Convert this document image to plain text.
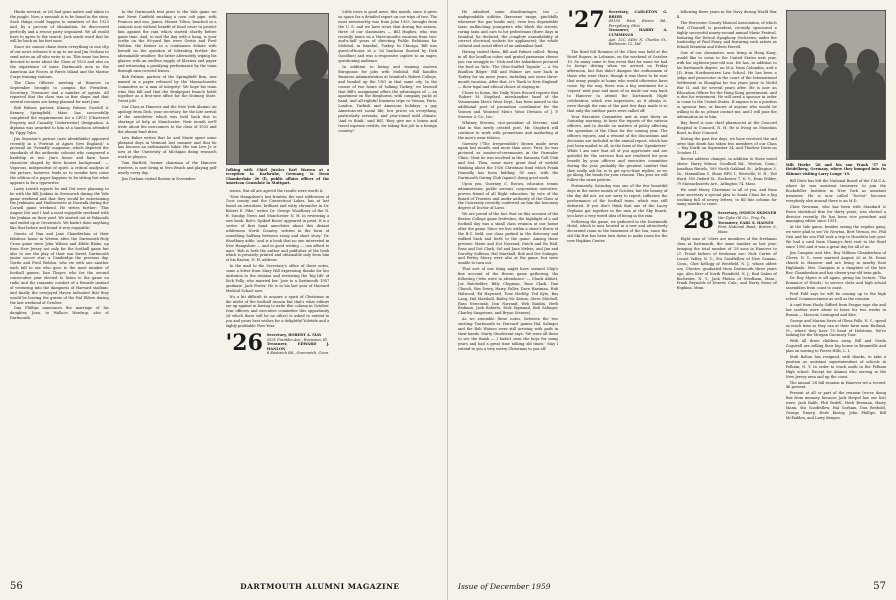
Hindu servant; or (d) had gone native and taken to the jungle. Now, a messiah is to be found in the story. Such things could happen to members of the 1925 and, by a process of elimination, be discovered perfectly and a rescue party organized. We all would have to agree to the search. Jack sends word that he will be back on his feet soon.

Since we cannot chase down everything in one clip of our news releases it is up to me and Jim Gorham to send notes on all who write to us. This issue has been devoted to news about the Class of 1925 and also on the experience of some Dartmouth men in the American Air Forces at Parris Island and the Marine Corps training stations.

The Class Officers' meeting at Hanover in September brought to campus the President, Secretary, Treasurer and a number of agents. All reported that the class was in fine shape and that several reunions are being planned for next June.

Bob Palmer, partner, Kinney, Palmer, Goodell & Kenney, Springfield, Mass. has successfully completed the requirements for a CPCU (Chartered Property and Casualty Underwriter) designation. A diploma was awarded to him at a luncheon attended by Tippy Tyler.

Jim Seymour's picture (now identifiable) appeared recently in a 'Portrait of Agnes New England,' a pictorial on 'Friendly' magazine, which depicted the standards of the authentic colonist who conquered a hardship or two. Jim's house and barn 'have character shaped by their honest background.' — Vigorous, independent of spirit. A critical analysis of the picture, however, leads us to wonder how come the edition of a paper happens to be sitting but what appears to be a typewriter.

Larry Leavitt reports he and Dot were planning to be with the Bill Jenkins in Greenwich during the Yale game weekend and that they would be entertaining the Jenkinses and Hatheewites at Norwalk during the Cornell game weekend. He writes further: 'This August Dot and I had a most enjoyable weekend with the Jenkins on their yawl. We started out at Falmouth and ended up at Greenwich. We hadn't done anything like that before and found it very enjoyable.'

Guests of Nan and Jane Chamberlain at their fabulous home in Weston after the Dartmouth-Holy Cross game were John Wilson and Eddie Blake, up from New Jersey not only for the football game but also to see the play of their son David, Dartmouth junior soccer star; a Cambridge the previous day. Gertie and Fred Weldon, who vie with one another each fall to see who goes to the most number of football games; Dan Thayer, who for the second consecutive year elected to listen to the game on radio and the romantic comfort of a fireside instead of venturing into the dampness of Harvard stadium; and finally the overjoyed Haven indicated that they would be leaving the guests of the Hal Elders during the last weekend of October.

Dan Phillips announces the marriage of his daughter, Joan, to Wallace Wardrop, also of Dartmouth.

In the Dartmouth tent prior to the Yale game we met Newt Canfield smoking a corn cob pipe, with Frances and son, James. Homer Tilton, beached in a raincoat now without benefit of head cover to protect him against the rain which started shortly before game time. And, to end the day with a bang, is your scribe on the 89-yard line were Gertie and Fred Weldon, the former in a continuous debate with herself on the question of tolerating further the abominable weather; the latter alternately wiping his glasses with an endless supply of Kleenex and paper and witnessing a gratifying performance by the team through rain-covered lenses.

Bob Palmer, partner of the Springfield firm, was named in a paper released by the Massachusetts Committee as 'a man of integrity.' We hope his team wins this fall and that the Bridgeport branch holds together as a first-rate office for the Nutmeg State. Great job!

Our Class in Hanover and the New York Alumni: an apology from Dick, your secretary, for the late arrival of the newsletter which was held back due to shortage of help at Manchester. Next month we'll write about the newcomers to the class of 1925 and the alumni fund drive.

Lew Baker writes that he and Marie spent some pleasant days in Vermont last summer and that he has become an enthusiastic hiker. His son Lew Jr. is now at the University of Michigan doing research work in physics.

Tom Bartlett, former chairman of the Hanover trustees, is now living in Vero Beach and playing golf nearly every day.

Jim Gorham visited Boston in November.

Talking with Chief Justice Earl Warren at a reception in Karlsruhe, Germany, is Dean Chamberlain '26 (l), public affairs officer of the American Consulate in Stuttgart.

issues. But all are agreed the results were worth it.

'New Hampshire's last frontier, the vast wilderness of Coos county and the Connecticut Lakes, has at last found an articulate, brilliant and witty chronicler in Dr. Robert E. Pike,' writes Dr. George Woodbury of the N. H. Sunday News and Manchester N. H. in reviewing a new book. Bob's 'Spiked Boots' appeared in print. It is a 'series of first hand anecdotes about this distant wilderness North Country, written in the form of something halfway between essay and short story.' Dr. Woodbury adds: 'and is a book that no one interested in New Hampshire — and in good writing — can afford to miss.' Bob is both the author and publisher of the book which is privately printed and obtainable only from him at his Easton, N. H. address.

In the mail to the Secretary's office of these notes, came a letter from Mary Hill expressing thanks for her invitation to the reunion and reviewing the 'big life' of Dick Polly, who married her. Jose to a Dartmouth 1957 graduate. Jack Foster. He is in his last year of Harvard Medical School now.

It's a bit difficult to acquire a spirit of Christmas in the midst of the football season but that's what editors are up against in having to write this column in October. Your officers and executive committee this opportunity (of which there will be no other) is asked to extend to you and yours best wishes for a delightful Yuletide and a highly profitable New Year.

'26 Secretary, ROBERT A. MAY
5501 Franklin Ave., Evanston, Ill.
Treasurer, EDWARD J. HANLON
8 Eastwich Rd., Greenwich, Conn.

Little news is good news, this month, since it gives us space for a detailed report on our trips of two. The most newsworthy was from John 1925, brought from the U. S. and we have news that during the season, three of our classmates — Bill Hughes, who was recently home on a three-months vacation from two-and-a-half years of directing Public Relations for Mobiloil, in Istanbul, Turkey. In Chicago, Bill was guest-of-honor at a '26 luncheon (hosted by Dick Goodhue) and was a responsive captive to an eager, questioning audience.

In addition to hiring and training eastern Europeans for jobs with Mobiloil, Bill handles Business Administration at Istanbul's Robert College, and headed up the USO in that same city. In the course of two hours of 'talking Turkey,' we learned that Bill's assignment offers the advantages of — an apartment on the Bosphorus, with company yacht at hand, and all-rightful business trips to Vienna, Paris, London, Turkish and American holidays; a gay American-set social life; low prices on everything, particularly servants; and year-round mild climate. 'And to think,' said Bill, 'they give me a bonus and travel expense credits, for taking this job in a foreign country!'

56	DARTMOUTH ALUMNI MAGAZINE

He admitted some disadvantages, too — undependable utilities (kerosene range, pinchbills whenever the gas bonks out); even less dependable taxis; unflinching youngsters who block the streets; raring taxis and cars to hit pedestrians (three days in Istanbul, he declared, the complete unavailability of correct electrical sockets for appliances); the whole cultural and social effect of an unfamiliar land.

Having visited them, Bill and Palmer called: 'Being in all the bouillon cubes and grated parmesan cheese you can smuggle in.' Dick and the Asbarkinos pictured the food as Yule: 'The Ohio-Stuffed Topside' — a 'No Bouillon Bilger.' Bill and Palmer are now back in Turkey for six more years, including one more three-month vacation. After that, it's 'Back to New England' — their legal and ethical choice of staying in.

Closer to home, the Daily News Record reports that 'Robert M. Stopford, merchandise head of the Vonnamann Men's Wear Dept., has been named to the additional post of promotion coordinator for the Vosnen and Wonsted Men's Wear Division of J. P. Stevens & Co., Inc.'

Whitney Stevens, vice-president of Stevens, said that in this newly created post, Mr. Stopford will continue to work with promotions and marketing of the men's wear fabrics.

Guerney ('The Irrepressible') Brown made news again last month, and more than once. First, he was pictured as master-of-ceremonies in the Parmalee Clinic. Next he was involved in the Sarasota Golf Club and lost. Then, some more great deal of wishful thinking about the 1926 Christmas fund which Frank Donnelly has been bidding. Of ours, with the Dartmouth Outing Club (again!) doing good work.

Upon you, Guerney C. Brown, educator, tennis administrator, public servant, corporation executive, proven friend of all Right education, by vote of the Board of Trustees and under authority of the Class at the University recently conferred on him the honorary degree of Doctor of Laws.

We are proud of the fact that on this account of the Boston College game festivities, the highlight of a sad football day was a small class reunion at our house after the game. Since we live within a stone's throw of the B.C. field, our class parked in the driveway and walked back and forth to the game. Among those present: Marie and Dot Norrand, Dutch and Bo Hall, Russ and Dot Clark, Sol and Jane Melvin, and Jim and Dorothy Sullivan, Hal Marshall, Bob and Dot Salinger, and Perley Merry were also at the game, but were unable to turn out.

That sort of one thing might have seemed Chip's fine account of the Brown game gathering, the following ('who were in attendance' — Chuck Abbott, Joe Batchelder, Billy Chipman, Ross Clark, Dan Church, Bus Drury, Harry Fuller, Dave Hartman, Hub Halwood, Ed Hayward, Tone Herlihy, Ted Kyte, Bus Lang, Hal Marshall, Bailey Mc Kenna, Steve Mitchell, Russ Newcomb, Don Norrand, Web Rankin, Herb Redman, Jack Roberts, Dick Sigmund, Bob Salinger, Charley Snagstone, and Bryan Stearns).

As we assemble these notes, between the two exciting 'Dartmouth vs. Harvard' games Hal, Salinger and the Bob Watson were still arriving with pads in their hands. Marty Sturdevant says: 'We were all there to see the finish — I hadn't seen the boys for many years and had a great time talking old times.' May I extend to you a very merry Christmas to you all!

'27 Secretary, CARLETON G. BRIER
49150 West Rivers Rd., Perrysburg, Ohio
Treasurer, HARRY A. CUMMINGS
Apt. 12C, 6400 N. Charles St., Baltimore 12, Md.

The third fall Reunion of the Class was held at the Hotel Rogers, in Lebanon, on the weekend of October 10. So many came to this event that for some we had to forego driving when we arrived on Friday afternoon, but this didn't dampen the enthusiasm of those who were there, though it was there to be sure that many people at home who would otherwise have come. By the way, there was a big sentiment for a 'repeat' next year and most of us made our way back to Hanover to attend the Dartmouth Night celebration, which was impressive, as it always is, even though the rain of the past few days made it so that only the outdoor parts were called off.

Your Executive Committee met at nine thirty on Saturday morning, to hear the reports of the various officers, and to decide on matters of policy affecting the operation of the Class for the coming year. The officers reports, and a résumé of the discussions and decisions are included in the annual report, which has just been mailed to all, in the form of the 'Speaketeer.' While I am sure that all of you appreciate and are grateful for the services that are rendered for your benefit by your officers and executive committee during the year, probably the greatest comfort that they really ask for, is to get up-to-time replies, as we go along, the heads for your reunion. This year we will follow the same pattern.

Fortunately, Saturday was one of the few beautiful days in the entire month of October, but the beauty of the day did not, we are sorry to report, influence the performance of the football team, which was still defeated. If you don't think that one of the Lacey Orphans got together in the rain at the Sky Ranch, you have a very weird idea of being in the rain.

Following the game, we gathered in the Dartmouth Hotel, which is now located in a new and attractively decorated room in the basement of the Inn, since the old Ski Hut has been torn down to make room for the new Hopkins Center.

following three years in the Navy during World War II.

The Worcester County Musical Association, of which Paul O'Donnell is president, recently sponsored a highly successful ninety-second annual Music Festival, featuring the Detroit Symphony Orchestra, under the leadership of Paul Paray, and featuring such artists as Yehudi Menuhin and Eileen Farrell.

One of our classmates, now living in Hong Kong, would like to come to the United States next year, with his eighteen-year-old son. He has, in addition to his Dartmouth degree, an M.A. from Columbia, and a J.D. from Northwestern Law School. He has been a judge and prosecutor in the court of the International Settlement in Shanghai for ten years prior to World War II, and for several years after. He is now an Education Officer for the Hong Kong government, and is due for retirement. He will need a sponsor in order to come to the United States. If anyone is in a position to sponsor him, or knows of anyone who would be willing to do so, please contact me, and I will pass the information on to him.

Ray Reed is now chief pharmacist at the Concord Hospital in Concord, N. H. He is living on Mountain Road, in East Concord.

During the past few days, we have received the sad news that death has taken two members of our Class — Ray Dorth on September 24, and Thurlow Davis on October 11.

Recent address changes, in addition to those noted above: Harry Mitnor, Goodhall Rd., Weston, Conn.; Jonathan Rintels, 509 North Oakland St., Arlington 3, Va.; Maxmillian C. Shaw, RFD 1, Westville, N. H.; Ted Ward, 555 Oxford St., Rochester 7, N. Y.; Evan Wilder, 79 Massachusetts Ave., Arlington 74, Mass.

We send Merry Christmas to all of you, and from your secretary a special plea to Santa Claus for a big stocking full of newsy letters, to fill this column for many months to come.

'28 Secretary, OSMUN SKINNER
Van Dyke Oil Co., Troy, Pa.
Treasurer, EARL S. HAINES
First National Bank, Boston 6, Mass.

Eight sons of '28ers are members of the freshman class at Dartmouth, the same number as last year, bringing the total number of '28 sons in Hanover to 27. Proud fathers of freshmen are: Nick Carter of Locust Valley, N. Y.; Stu Goodfellow of New Canaan, Conn.; Chet Kellogg of Westfield, N. J., whose oldest son, Chester, graduated from Dartmouth three years ago; Alec Kerr of North Plainfield, N. J.; Bud Oakes of Rochester, N. Y.; Jack Phelan of Needham, Mass.; Frank Reynolds of Denver, Colo.; and Harry Stone of Hopkins, Minn.

Milt Hoehe '28 and his son Frank '57 in Heidelberg, Germany, where they bumped into Os Skinner visiting Larry Louge '19.

Bill Dietz has left the National Board of the Y.M.C.A. where he was assistant treasurer, to join the Rockefeller Institute in New York as assistant treasurer. He is now called 'Doctor' because everybody else around there is an M.D.

Chris Newman, who has been with Standard & Poors statistical firm for thirty years, was elected a director recently. He has been vice president and managing editor since 1951.

At the Yale game, besides seeing the regular gang, we were glad to see Vic Newton, Bert Vernon, etc. Phil Orsi and his son Phil took a trip to Honolulu last year. We had a card from Champ's first visit to the Bowl since 1950 and it was a great day for all of us.

Jim Campion and Mrs. Roy William Chamberlain of Clover, N. Y., were married August 20 at St. Denis church in Hanover and are living in nearby East Highlands. Mrs. Campion is a daughter of the late Rev. Chamberlain and has eleven-year-old twin girls.

Dr. Roy Myers is off again, giving his lecture, 'The Romance of Woods,' to service clubs and high school assemblies from coast to coast.

Fred Pohl says he will be coming up to the high school Commencement as well as the reunion.

A card from Hooly Gifford from Prague says she and her mother were about to leave for two weeks in Russia — Moscow, Leningrad and Kiev.

George and Marion Davis of Glens Falls, N. Y., spend as much time as they can at their farm near Rutland, Vt., where they have 75 head of Holsteins. We're looking for the Morgan Guernsey Tour.

With all three children away, Bill and Gerda Cogswell are selling their big house in Bronxville and plan on moving to Forest Hills, L. I.

Stub Bolton has resigned, with thanks, to take a position as assistant superintendent of schools in Pelham, N. Y. In order to teach math in the Pelham High school. Except for Alumni who serving in the New Jersey area and up the coast.

The annual '28 fall reunion in Hanover set a record: 46 present.

Present at all or part of the reunion (we're doing this from memory because Jack Herpel has our list) were: Jack Babb, Phil Bedell, Herb Brennan, Harry Mann, Stu Goodfellow, Hal Gorham, Don Beehold, George Emery, Herb Kinsey, John Phillips, Bill McFadden, and Larry Kenyon.

Issue of December 1959	57
